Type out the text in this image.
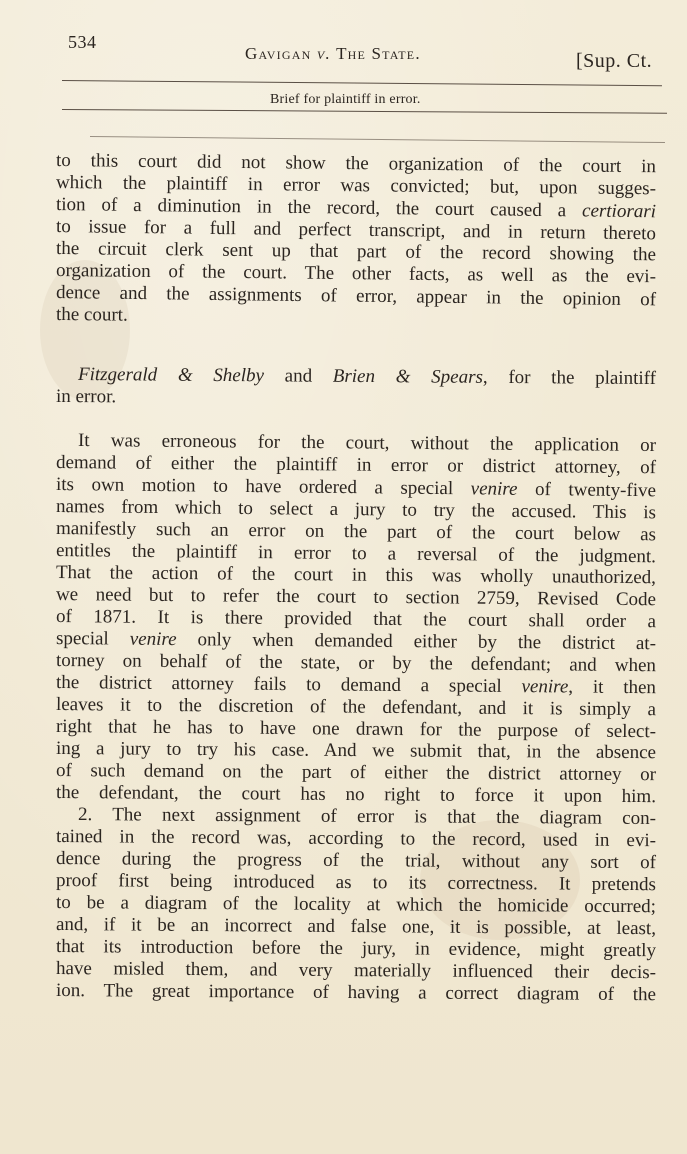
534
Gavigan v. The State.	[Sup. Ct.
Brief for plaintiff in error.
to this court did not show the organization of the court in
which the plaintiff in error was convicted; but, upon sugges-
tion of a diminution in the record, the court caused a certiorari
to issue for a full and perfect transcript, and in return thereto
the circuit clerk sent up that part of the record showing the
organization of the court. The other facts, as well as the evi-
dence and the assignments of error, appear in the opinion of
the court.
Fitzgerald & Shelby and Brien & Spears, for the plaintiff
in error.
It was erroneous for the court, without the application or
demand of either the plaintiff in error or district attorney, of
its own motion to have ordered a special venire of twenty-five
names from which to select a jury to try the accused. This is
manifestly such an error on the part of the court below as
entitles the plaintiff in error to a reversal of the judgment.
That the action of the court in this was wholly unauthorized,
we need but to refer the court to section 2759, Revised Code
of 1871. It is there provided that the court shall order a
special venire only when demanded either by the district at-
torney on behalf of the state, or by the defendant; and when
the district attorney fails to demand a special venire, it then
leaves it to the discretion of the defendant, and it is simply a
right that he has to have one drawn for the purpose of select-
ing a jury to try his case. And we submit that, in the absence
of such demand on the part of either the district attorney or
the defendant, the court has no right to force it upon him.
2. The next assignment of error is that the diagram con-
tained in the record was, according to the record, used in evi-
dence during the progress of the trial, without any sort of
proof first being introduced as to its correctness. It pretends
to be a diagram of the locality at which the homicide occurred;
and, if it be an incorrect and false one, it is possible, at least,
that its introduction before the jury, in evidence, might greatly
have misled them, and very materially influenced their decis-
ion. The great importance of having a correct diagram of the
